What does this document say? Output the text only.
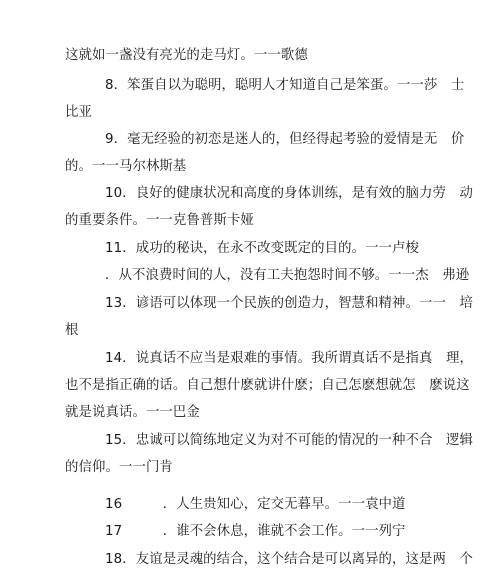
这就如一盏没有亮光的走马灯。一一歌德
8．笨蛋自以为聪明，聪明人才知道自己是笨蛋。一一莎　士
比亚
9．毫无经验的初恋是迷人的，但经得起考验的爱情是无　价
的。一一马尔林斯基
10．良好的健康状况和高度的身体训练，是有效的脑力劳　动
的重要条件。一一克鲁普斯卡娅
11．成功的秘诀，在永不改变既定的目的。一一卢梭
．从不浪费时间的人，没有工夫抱怨时间不够。一一杰　弗逊
13．谚语可以体现一个民族的创造力，智慧和精神。一一　培
根
14．说真话不应当是艰难的事情。我所谓真话不是指真　理，
也不是指正确的话。自己想什麽就讲什麽；自己怎麽想就怎　麽说这
就是说真话。一一巴金
15．忠诚可以简练地定义为对不可能的情况的一种不合　逻辑
的信仰。一一门肯
16　　　．人生贵知心，定交无暮早。一一袁中道
17　　　．谁不会休息，谁就不会工作。一一列宁
18．友谊是灵魂的结合，这个结合是可以离异的，这是两　个
